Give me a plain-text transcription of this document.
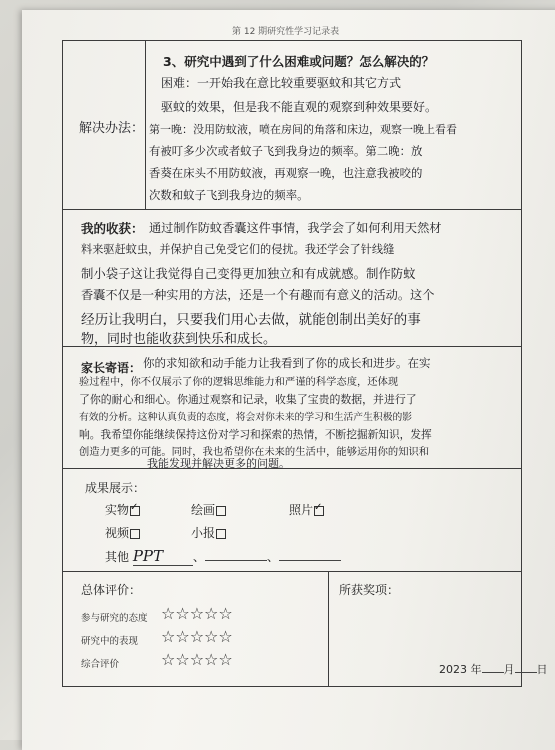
第 12 期研究性学习记录表
解决办法：
3、研究中遇到了什么困难或问题？怎么解决的？
困难：一开始我在意比较重要驱蚊和其它方式
驱蚊的效果，但是我不能直观的观察到种效果要好。
第一晚：没用防蚊液，喷在房间的角落和床边，观察一晚上看看
有被叮多少次或者蚊子飞到我身边的频率。第二晚：放
香葵在床头不用防蚊液，再观察一晚，也注意我被咬的
次数和蚊子飞到我身边的频率。
我的收获： 通过制作防蚊香囊这件事情，我学会了如何利用天然材
料来驱赶蚊虫，并保护自己免受它们的侵扰。我还学会了针线缝
制小袋子这让我觉得自己变得更加独立和有成就感。制作防蚊
香囊不仅是一种实用的方法，还是一个有趣而有意义的活动。这个
经历让我明白，只要我们用心去做，就能创制出美好的事
物，同时也能收获到快乐和成长。
家长寄语： 你的求知欲和动手能力让我看到了你的成长和进步。在实
验过程中，你不仅展示了你的逻辑思维能力和严谨的科学态度，还体现
了你的耐心和细心。你通过观察和记录，收集了宝贵的数据，并进行了
有效的分析。这种认真负责的态度，将会对你未来的学习和生活产生积极的影
响。我希望你能继续保持这份对学习和探索的热情，不断挖掘新知识，发挥
创造力更多的可能。同时，我也希望你在未来的生活中，能够运用你的知识和
我能发现并解决更多的问题。
成果展示：
实物✓	绘画	照片✓
视频	小报
其他 PPT 、	、
总体评价：
参与研究的态度 ☆☆☆☆☆
研究中的表现 ☆☆☆☆☆
综合评价	☆☆☆☆☆
所获奖项：
2023 年 月 日
